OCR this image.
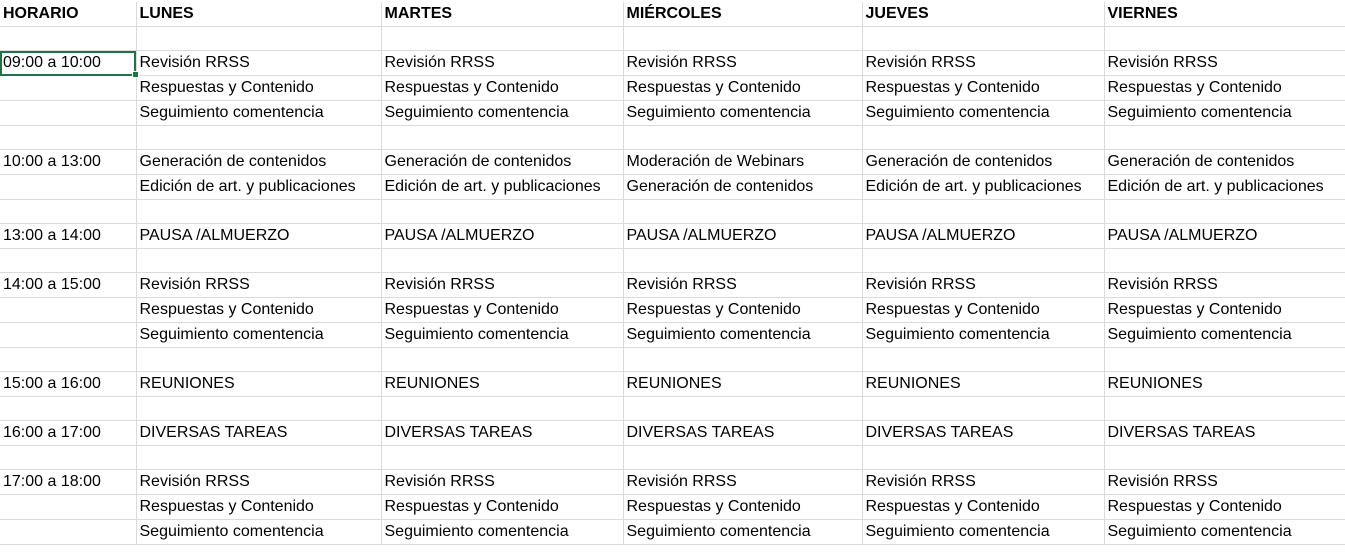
HORARIO	LUNES	MARTES	MIÉRCOLES	JUEVES	VIERNES

09:00 a 10:00	Revisión RRSS	Revisión RRSS	Revisión RRSS	Revisión RRSS	Revisión RRSS
	Respuestas y Contenido	Respuestas y Contenido	Respuestas y Contenido	Respuestas y Contenido	Respuestas y Contenido
	Seguimiento comentencia	Seguimiento comentencia	Seguimiento comentencia	Seguimiento comentencia	Seguimiento comentencia

10:00 a 13:00	Generación de contenidos	Generación de contenidos	Moderación de Webinars	Generación de contenidos	Generación de contenidos
	Edición de art. y publicaciones	Edición de art. y publicaciones	Generación de contenidos	Edición de art. y publicaciones	Edición de art. y publicaciones

13:00 a 14:00	PAUSA /ALMUERZO	PAUSA /ALMUERZO	PAUSA /ALMUERZO	PAUSA /ALMUERZO	PAUSA /ALMUERZO

14:00 a 15:00	Revisión RRSS	Revisión RRSS	Revisión RRSS	Revisión RRSS	Revisión RRSS
	Respuestas y Contenido	Respuestas y Contenido	Respuestas y Contenido	Respuestas y Contenido	Respuestas y Contenido
	Seguimiento comentencia	Seguimiento comentencia	Seguimiento comentencia	Seguimiento comentencia	Seguimiento comentencia

15:00 a 16:00	REUNIONES	REUNIONES	REUNIONES	REUNIONES	REUNIONES

16:00 a 17:00	DIVERSAS TAREAS	DIVERSAS TAREAS	DIVERSAS TAREAS	DIVERSAS TAREAS	DIVERSAS TAREAS

17:00 a 18:00	Revisión RRSS	Revisión RRSS	Revisión RRSS	Revisión RRSS	Revisión RRSS
	Respuestas y Contenido	Respuestas y Contenido	Respuestas y Contenido	Respuestas y Contenido	Respuestas y Contenido
	Seguimiento comentencia	Seguimiento comentencia	Seguimiento comentencia	Seguimiento comentencia	Seguimiento comentencia
